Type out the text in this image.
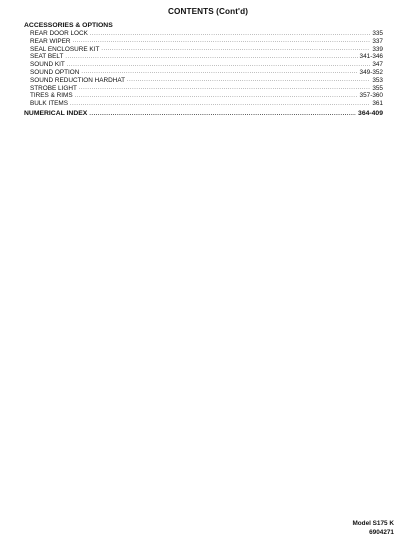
CONTENTS (Cont'd)
ACCESSORIES & OPTIONS
REAR DOOR LOCK .....	335
REAR WIPER .....	337
SEAL ENCLOSURE KIT .....	339
SEAT BELT .....	341-346
SOUND KIT .....	347
SOUND OPTION .....	349-352
SOUND REDUCTION HARDHAT .....	353
STROBE LIGHT .....	355
TIRES & RIMS .....	357-360
BULK ITEMS .....	361
NUMERICAL INDEX .....	364-409
Model S175 K
6904271
